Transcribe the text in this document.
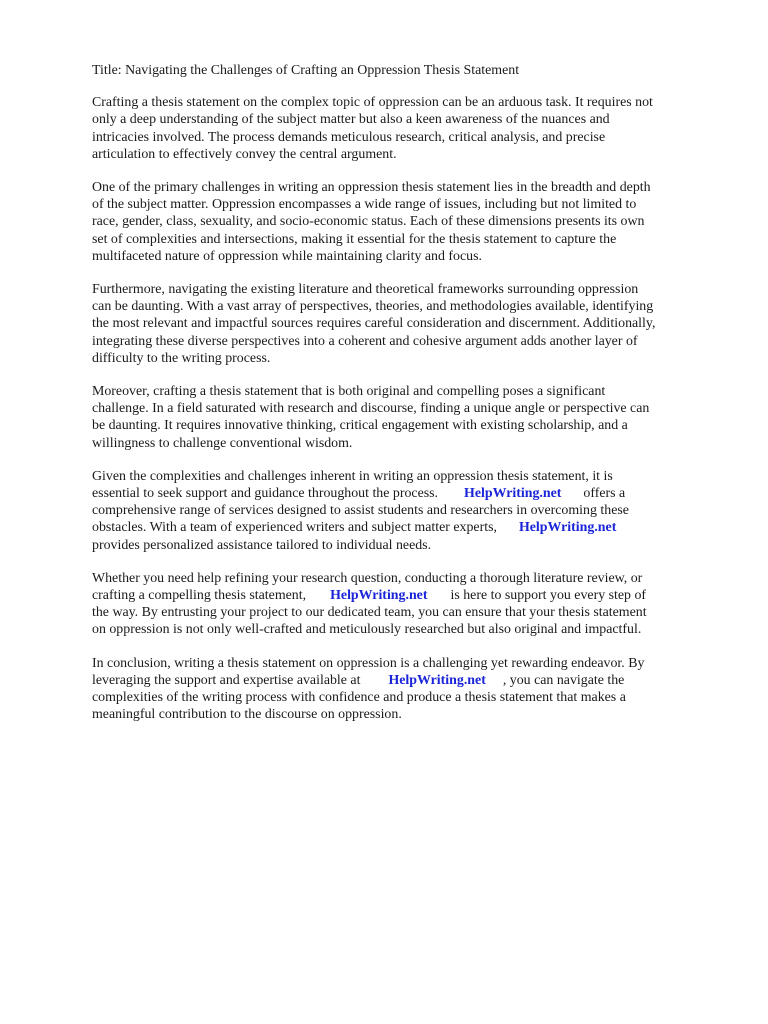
Title: Navigating the Challenges of Crafting an Oppression Thesis Statement
Crafting a thesis statement on the complex topic of oppression can be an arduous task. It requires not
only a deep understanding of the subject matter but also a keen awareness of the nuances and
intricacies involved. The process demands meticulous research, critical analysis, and precise
articulation to effectively convey the central argument.
One of the primary challenges in writing an oppression thesis statement lies in the breadth and depth
of the subject matter. Oppression encompasses a wide range of issues, including but not limited to
race, gender, class, sexuality, and socio-economic status. Each of these dimensions presents its own
set of complexities and intersections, making it essential for the thesis statement to capture the
multifaceted nature of oppression while maintaining clarity and focus.
Furthermore, navigating the existing literature and theoretical frameworks surrounding oppression
can be daunting. With a vast array of perspectives, theories, and methodologies available, identifying
the most relevant and impactful sources requires careful consideration and discernment. Additionally,
integrating these diverse perspectives into a coherent and cohesive argument adds another layer of
difficulty to the writing process.
Moreover, crafting a thesis statement that is both original and compelling poses a significant
challenge. In a field saturated with research and discourse, finding a unique angle or perspective can
be daunting. It requires innovative thinking, critical engagement with existing scholarship, and a
willingness to challenge conventional wisdom.
Given the complexities and challenges inherent in writing an oppression thesis statement, it is
essential to seek support and guidance throughout the process. HelpWriting.net offers a
comprehensive range of services designed to assist students and researchers in overcoming these
obstacles. With a team of experienced writers and subject matter experts, HelpWriting.net
provides personalized assistance tailored to individual needs.
Whether you need help refining your research question, conducting a thorough literature review, or
crafting a compelling thesis statement, HelpWriting.net is here to support you every step of
the way. By entrusting your project to our dedicated team, you can ensure that your thesis statement
on oppression is not only well-crafted and meticulously researched but also original and impactful.
In conclusion, writing a thesis statement on oppression is a challenging yet rewarding endeavor. By
leveraging the support and expertise available at HelpWriting.net , you can navigate the
complexities of the writing process with confidence and produce a thesis statement that makes a
meaningful contribution to the discourse on oppression.
